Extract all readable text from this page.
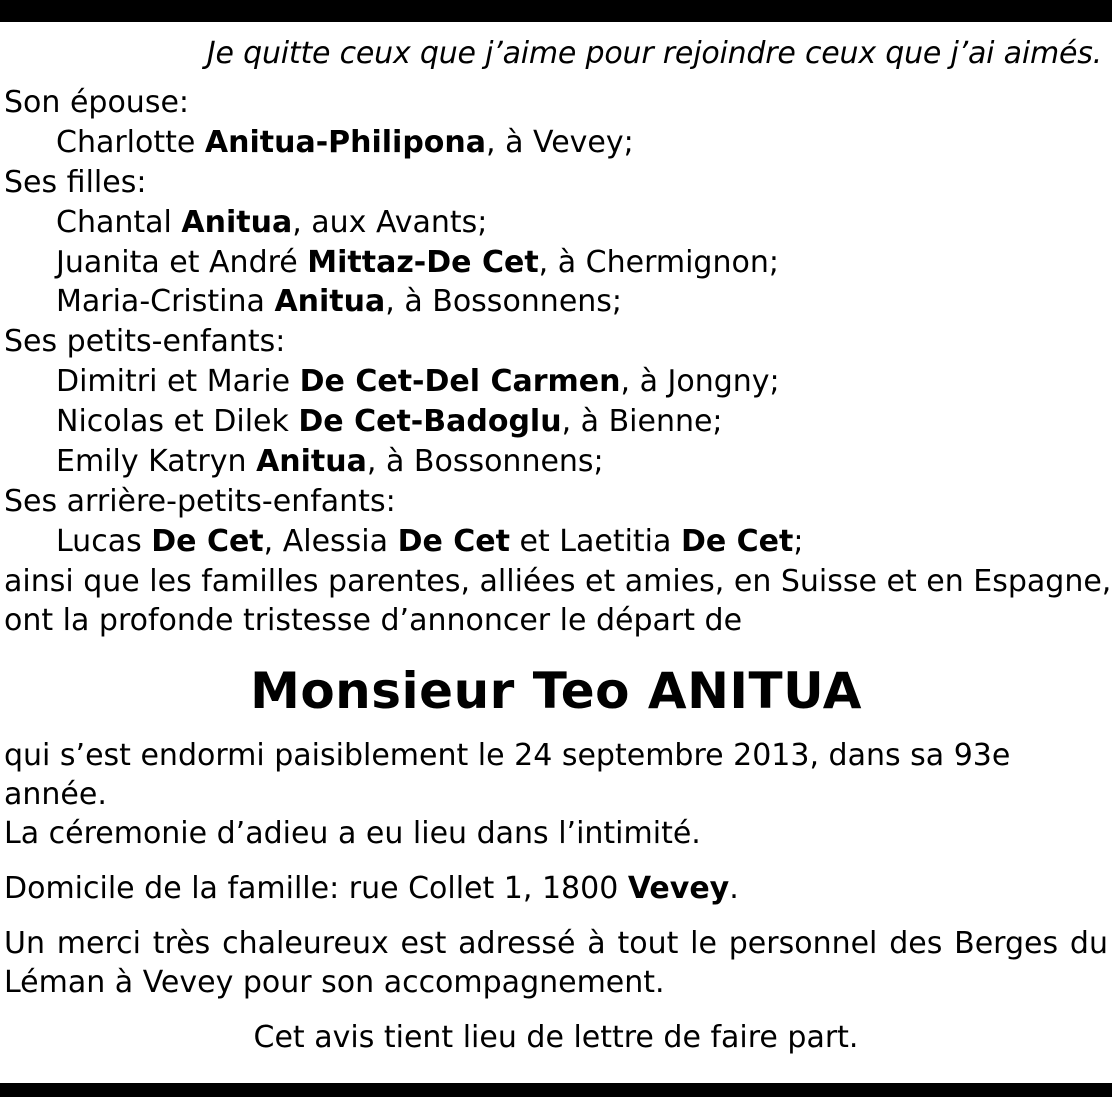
Je quitte ceux que j’aime pour rejoindre ceux que j’ai aimés.
Son épouse:
Charlotte Anitua-Philipona, à Vevey;
Ses filles:
Chantal Anitua, aux Avants;
Juanita et André Mittaz-De Cet, à Chermignon;
Maria-Cristina Anitua, à Bossonnens;
Ses petits-enfants:
Dimitri et Marie De Cet-Del Carmen, à Jongny;
Nicolas et Dilek De Cet-Badoglu, à Bienne;
Emily Katryn Anitua, à Bossonnens;
Ses arrière-petits-enfants:
Lucas De Cet, Alessia De Cet et Laetitia De Cet;
ainsi que les familles parentes, alliées et amies, en Suisse et en Espagne,
ont la profonde tristesse d’annoncer le départ de
Monsieur Teo ANITUA
qui s’est endormi paisiblement le 24 septembre 2013, dans sa 93e année.
La céremonie d’adieu a eu lieu dans l’intimité.
Domicile de la famille: rue Collet 1, 1800 Vevey.
Un merci très chaleureux est adressé à tout le personnel des Berges du Léman à Vevey pour son accompagnement.
Cet avis tient lieu de lettre de faire part.
